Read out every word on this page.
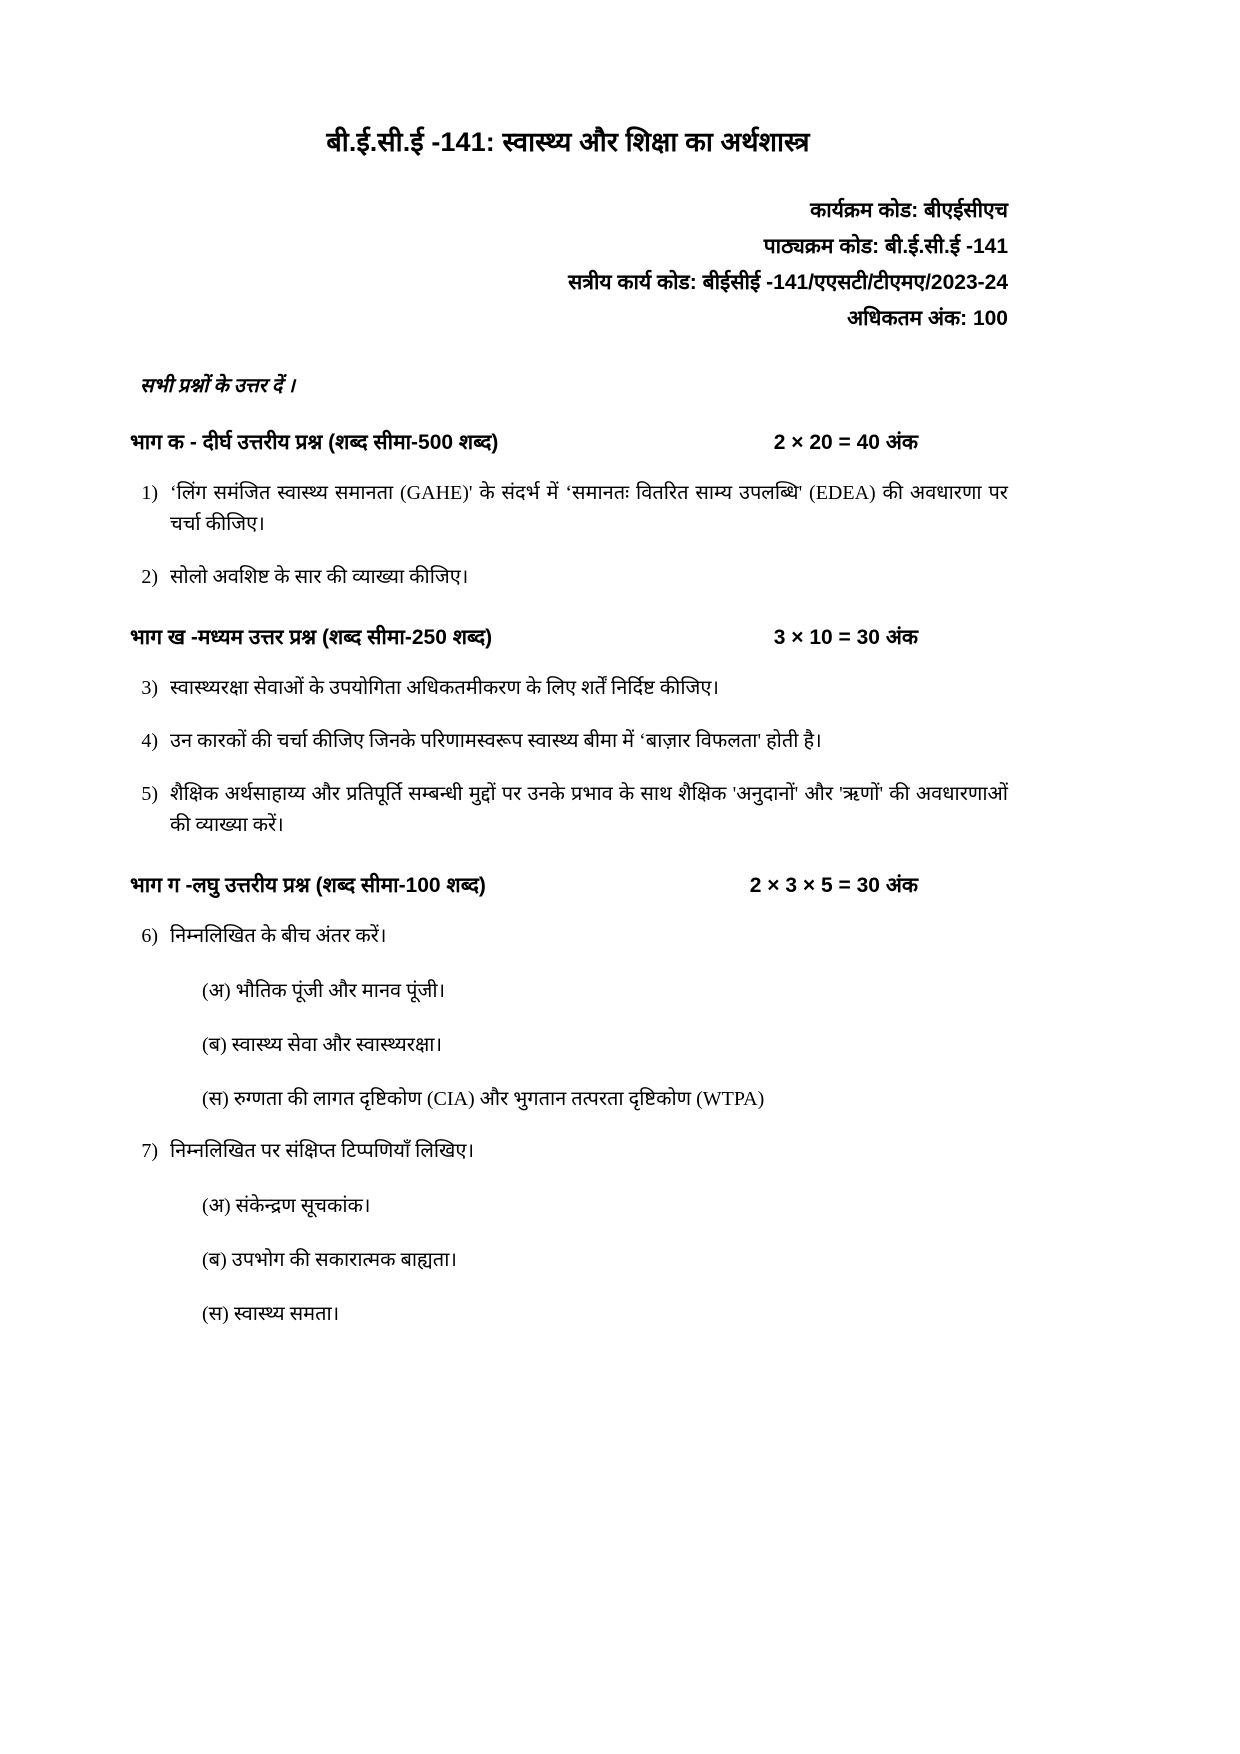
बी.ई.सी.ई -141: स्वास्थ्य और शिक्षा का अर्थशास्त्र
कार्यक्रम कोड: बीएईसीएच
पाठ्यक्रम कोड: बी.ई.सी.ई -141
सत्रीय कार्य कोड: बीईसीई -141/एएसटी/टीएमए/2023-24
अधिकतम अंक: 100
सभी प्रश्नों के उत्तर दें ।
भाग क - दीर्घ उत्तरीय प्रश्न (शब्द सीमा-500 शब्द)	2 × 20 = 40 अंक
1) ‘लिंग समंजित स्वास्थ्य समानता (GAHE)' के संदर्भ में ‘समानतः वितरित साम्य उपलब्धि' (EDEA) की अवधारणा पर चर्चा कीजिए।
2) सोलो अवशिष्ट के सार की व्याख्या कीजिए।
भाग ख -मध्यम उत्तर प्रश्न (शब्द सीमा-250 शब्द)	3 × 10 = 30 अंक
3) स्वास्थ्यरक्षा सेवाओं के उपयोगिता अधिकतमीकरण के लिए शर्तें निर्दिष्ट कीजिए।
4) उन कारकों की चर्चा कीजिए जिनके परिणामस्वरूप स्वास्थ्य बीमा में ‘बाज़ार विफलता' होती है।
5) शैक्षिक अर्थसाहाय्य और प्रतिपूर्ति सम्बन्धी मुद्दों पर उनके प्रभाव के साथ शैक्षिक 'अनुदानों' और 'ऋणों' की अवधारणाओं की व्याख्या करें।
भाग ग -लघु उत्तरीय प्रश्न (शब्द सीमा-100 शब्द)	2 × 3 × 5 = 30 अंक
6) निम्नलिखित के बीच अंतर करें।
(अ) भौतिक पूंजी और मानव पूंजी।
(ब) स्वास्थ्य सेवा और स्वास्थ्यरक्षा।
(स) रुग्णता की लागत दृष्टिकोण (CIA) और भुगतान तत्परता दृष्टिकोण (WTPA)
7) निम्नलिखित पर संक्षिप्त टिप्पणियाँ लिखिए।
(अ) संकेन्द्रण सूचकांक।
(ब) उपभोग की सकारात्मक बाह्यता।
(स) स्वास्थ्य समता।
